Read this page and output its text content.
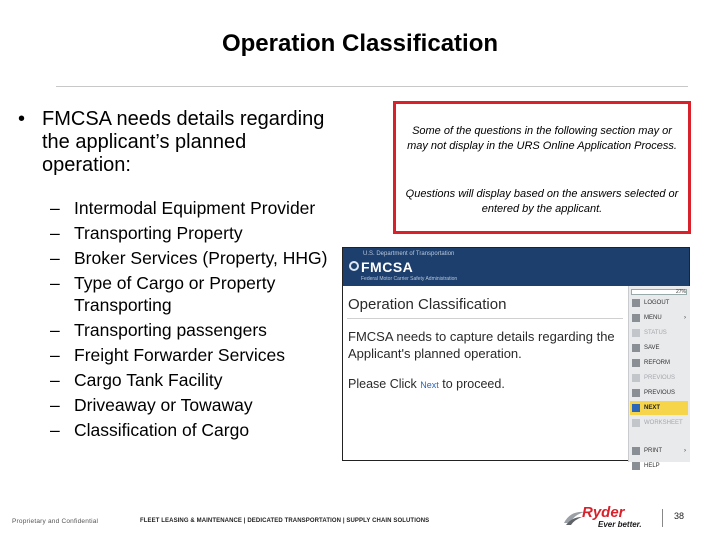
Operation Classification
• FMCSA needs details regarding the applicant’s planned operation:
– Intermodal Equipment Provider
– Transporting Property
– Broker Services (Property, HHG)
– Type of Cargo or Property Transporting
– Transporting passengers
– Freight Forwarder Services
– Cargo Tank Facility
– Driveaway or Towaway
– Classification of Cargo
Some of the questions in the following section may or may not display in the URS Online Application Process.
Questions will display based on the answers selected or entered by the applicant.
U.S. Department of Transportation
FMCSA
Federal Motor Carrier Safety Administration
Operation Classification
FMCSA needs to capture details regarding the Applicant's planned operation.
Please Click Next to proceed.
27%
LOGOUT
MENU	›
STATUS
SAVE
REFORM
PREVIOUS
PREVIOUS
NEXT
WORKSHEET
PRINT	›
HELP
Proprietary and Confidential	FLEET LEASING & MAINTENANCE | DEDICATED TRANSPORTATION | SUPPLY CHAIN SOLUTIONS	Ryder
Ever better.
38
